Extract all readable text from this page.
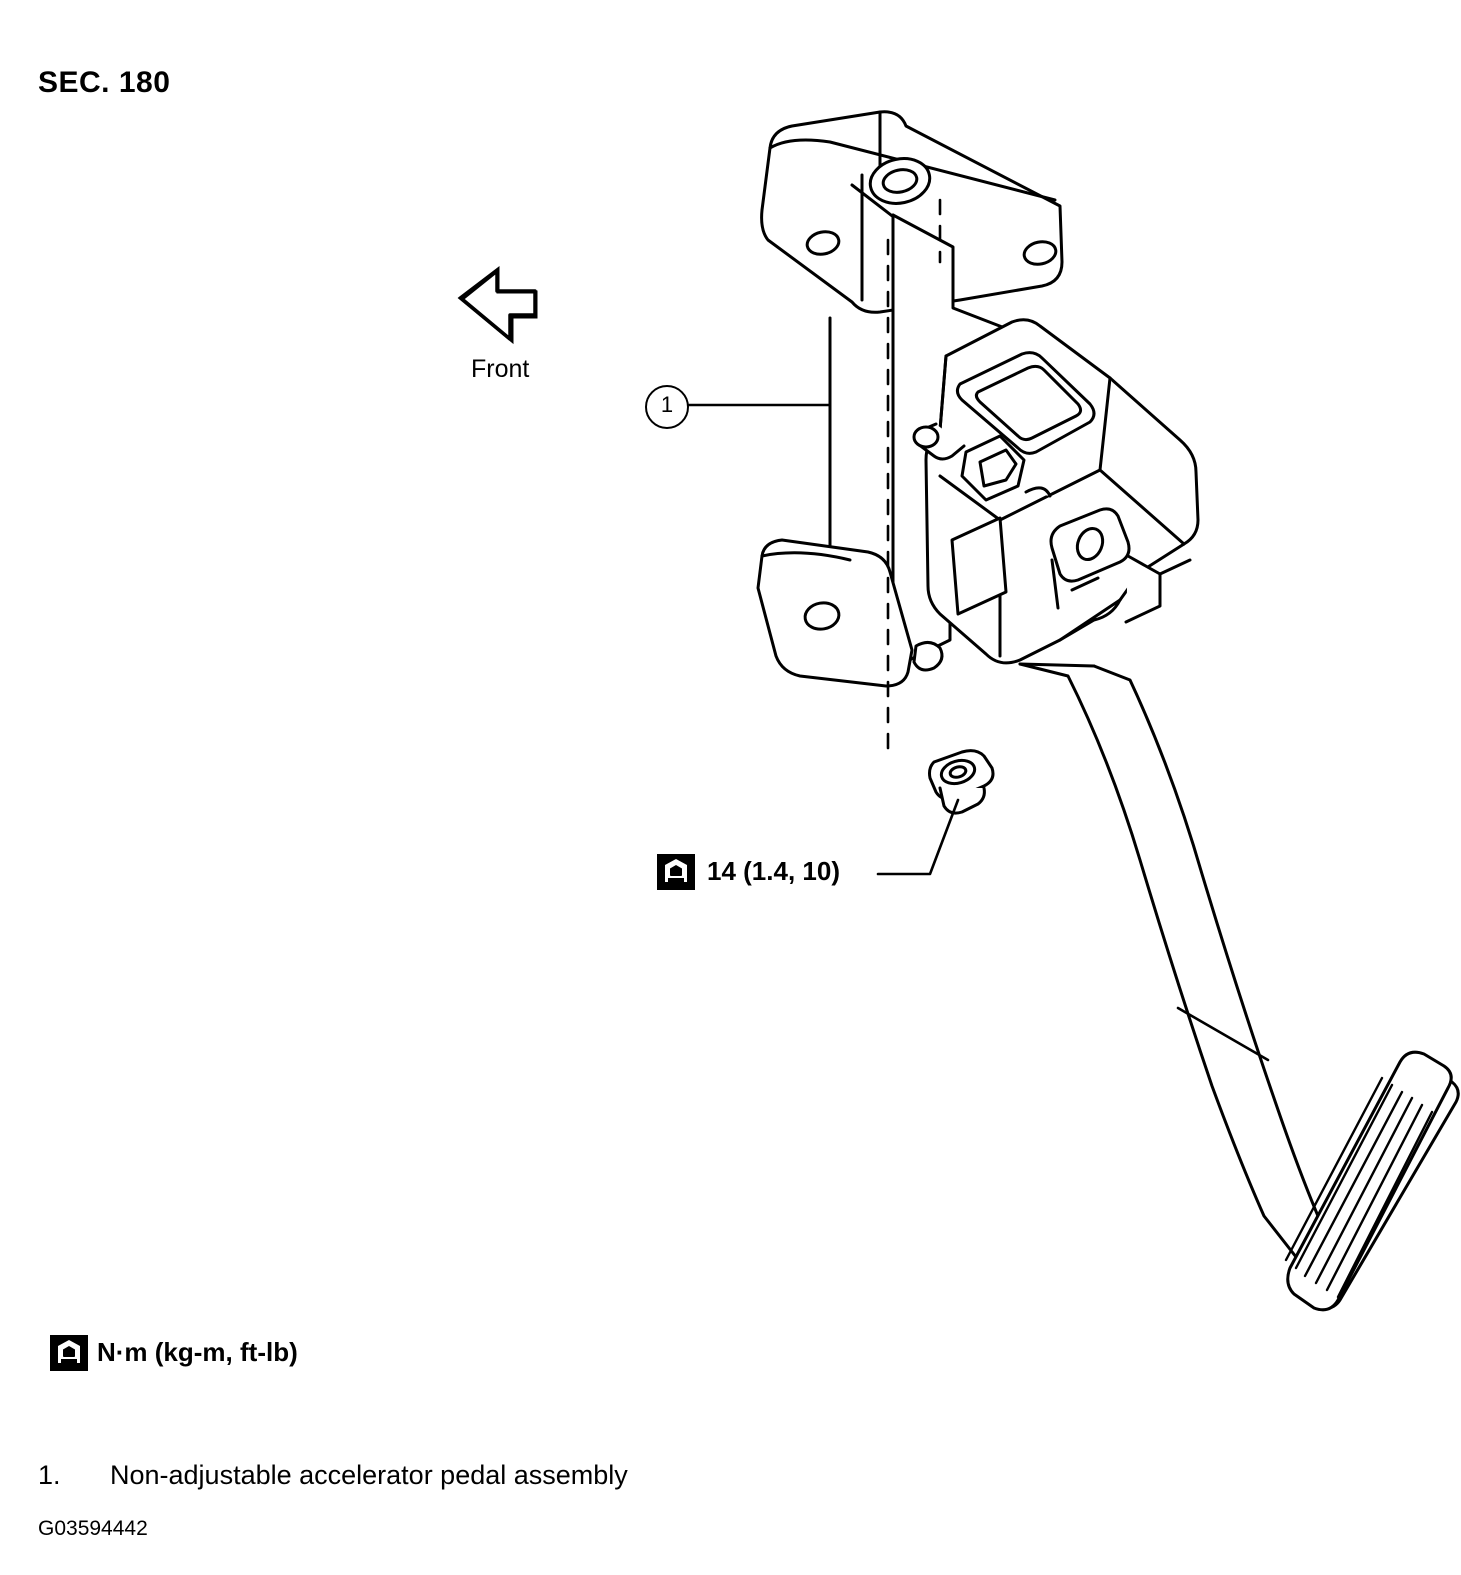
SEC. 180
Front
1
14 (1.4, 10)
N·m (kg-m, ft-lb)
1.	Non-adjustable accelerator pedal assembly
G03594442
